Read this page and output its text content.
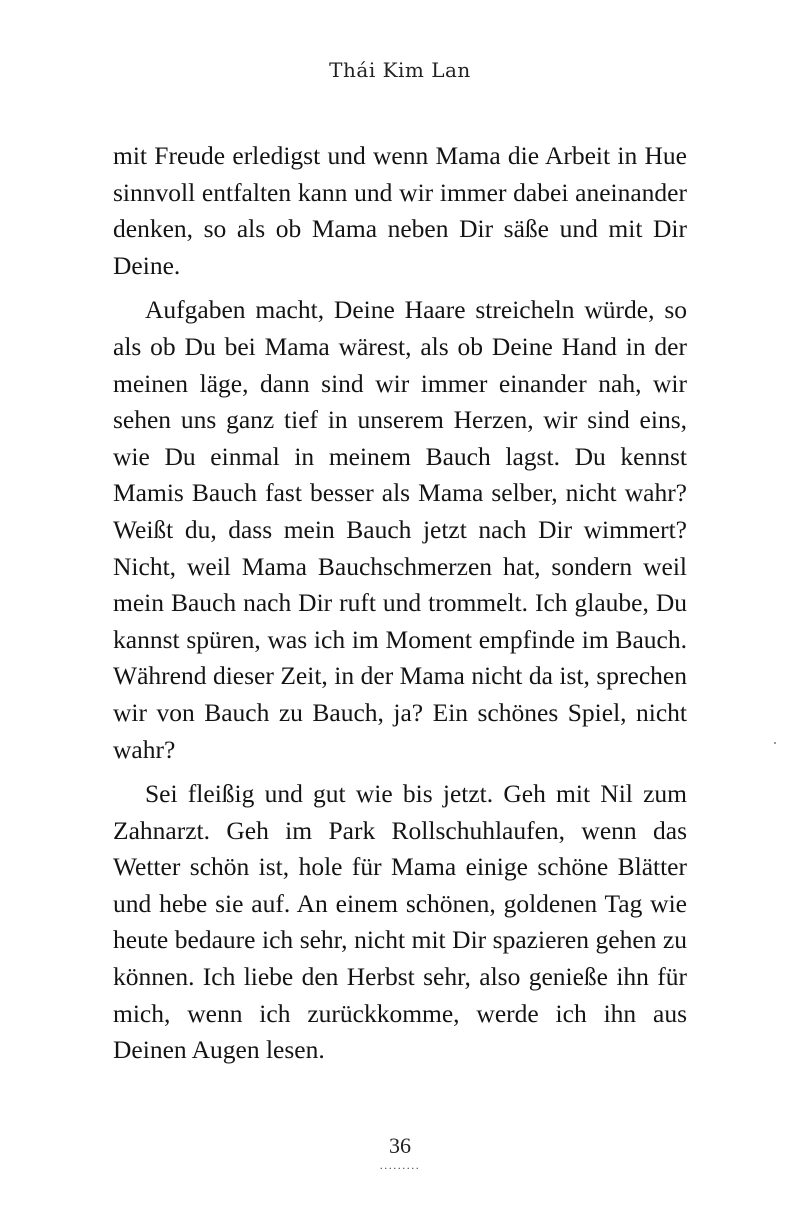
Thái Kim Lan

mit Freude erledigst und wenn Mama die Arbeit in Hue sinnvoll entfalten kann und wir immer dabei aneinander denken, so als ob Mama neben Dir säße und mit Dir Deine.

Aufgaben macht, Deine Haare streicheln würde, so als ob Du bei Mama wärest, als ob Deine Hand in der meinen läge, dann sind wir immer einander nah, wir sehen uns ganz tief in unserem Herzen, wir sind eins, wie Du einmal in meinem Bauch lagst. Du kennst Mamis Bauch fast besser als Mama selber, nicht wahr? Weißt du, dass mein Bauch jetzt nach Dir wimmert? Nicht, weil Mama Bauchschmerzen hat, sondern weil mein Bauch nach Dir ruft und trommelt. Ich glaube, Du kannst spüren, was ich im Moment empfinde im Bauch. Während dieser Zeit, in der Mama nicht da ist, sprechen wir von Bauch zu Bauch, ja? Ein schönes Spiel, nicht wahr?

Sei fleißig und gut wie bis jetzt. Geh mit Nil zum Zahnarzt. Geh im Park Rollschuhlaufen, wenn das Wetter schön ist, hole für Mama einige schöne Blätter und hebe sie auf. An einem schönen, goldenen Tag wie heute bedaure ich sehr, nicht mit Dir spazieren gehen zu können. Ich liebe den Herbst sehr, also genieße ihn für mich, wenn ich zurückkomme, werde ich ihn aus Deinen Augen lesen.

36
.........
